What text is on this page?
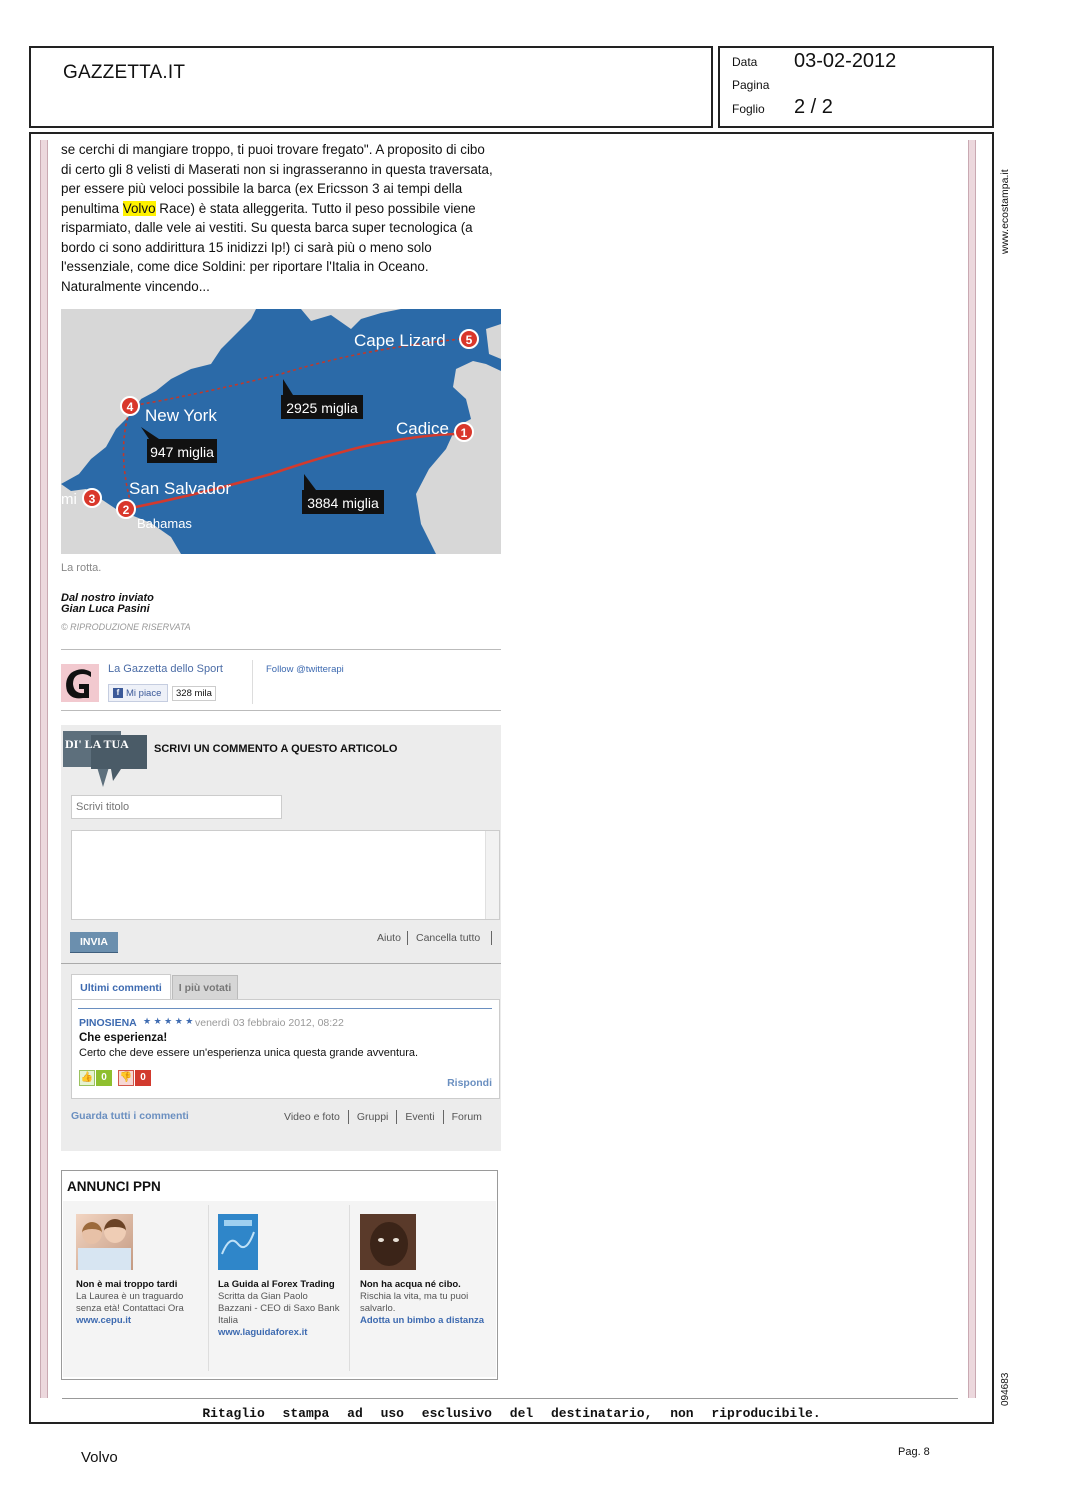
GAZZETTA.IT	Data 03-02-2012
Pagina
Foglio 2 / 2
www.ecostampa.it
094683

se cerchi di mangiare troppo, ti puoi trovare fregato". A proposito di cibo

di certo gli 8 velisti di Maserati non si ingrasseranno in questa traversata,

per essere più veloci possibile la barca (ex Ericsson 3 ai tempi della

penultima Volvo Race) è stata alleggerita. Tutto il peso possibile viene

risparmiato, dalle vele ai vestiti. Su questa barca super tecnologica (a

bordo ci sono addirittura 15 inidizzi Ip!) ci sarà più o meno solo

l'essenziale, come dice Soldini: per riportare l'Italia in Oceano.

Naturalmente vincendo...

2925 miglia
947 miglia
3884 miglia
Cape Lizard
New York
Cadice
San Salvador
Bahamas
mi
5
4
1
3
2
La rotta.
Dal nostro inviato
Gian Luca Pasini
© RIPRODUZIONE RISERVATA
La Gazzetta dello Sport
f Mi piace	328 mila
Follow @twitterapi
DI' LA TUA SCRIVI UN COMMENTO A QUESTO ARTICOLO
Scrivi titolo
INVIA	Aiuto Cancella tutto
Ultimi commenti	I più votati
PINOSIENA ★ ★ ★ ★ ★ venerdì 03 febbraio 2012, 08:22
Che esperienza!
Certo che deve essere un'esperienza unica questa grande avventura.
👍 0	👎 0	Rispondi
Guarda tutti i commenti	Video e foto Gruppi Eventi Forum
ANNUNCI PPN
Non è mai troppo tardi
La Laurea è un traguardo senza età! Contattaci Ora
www.cepu.it
La Guida al Forex Trading
Scritta da Gian Paolo Bazzani - CEO di Saxo Bank Italia
www.laguidaforex.it
Non ha acqua né cibo.
Rischia la vita, ma tu puoi salvarlo.
Adotta un bimbo a distanza
Ritaglio stampa ad uso esclusivo del destinatario, non riproducibile.
Volvo	Pag. 8
